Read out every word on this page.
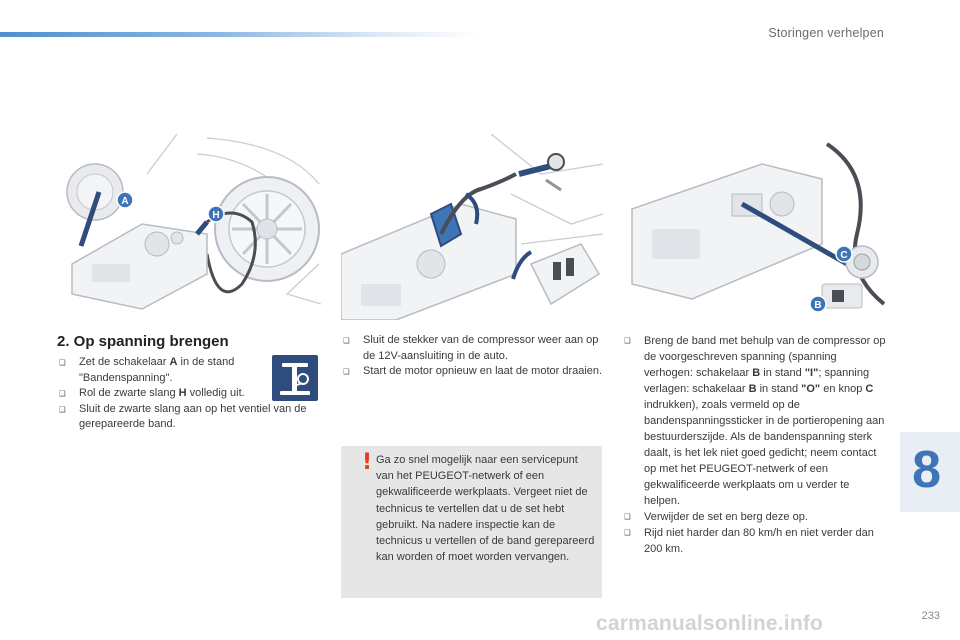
Storingen verhelpen
A
H
C
B
2. Op spanning brengen
❑ Zet de schakelaar A in de stand "Bandenspanning".
❑ Rol de zwarte slang H volledig uit.
❑ Sluit de zwarte slang aan op het ventiel van de gerepareerde band.
❑ Sluit de stekker van de compressor weer aan op de 12V-aansluiting in de auto.
❑ Start de motor opnieuw en laat de motor draaien.
! Ga zo snel mogelijk naar een servicepunt van het PEUGEOT-netwerk of een gekwalificeerde werkplaats. Vergeet niet de technicus te vertellen dat u de set hebt gebruikt. Na nadere inspectie kan de technicus u vertellen of de band gerepareerd kan worden of moet worden vervangen.

❑ Breng de band met behulp van de compressor op de voorgeschreven spanning (spanning verhogen: schakelaar B in stand "I"; spanning verlagen: schakelaar B in stand "O" en knop C indrukken), zoals vermeld op de bandenspanningssticker in de portieropening aan bestuurderszijde. Als de bandenspanning sterk daalt, is het lek niet goed gedicht; neem contact op met het PEUGEOT-netwerk of een gekwalificeerde werkplaats om u verder te helpen.
❑ Verwijder de set en berg deze op.
❑ Rijd niet harder dan 80 km/h en niet verder dan 200 km.
8
233
carmanualsonline.info
